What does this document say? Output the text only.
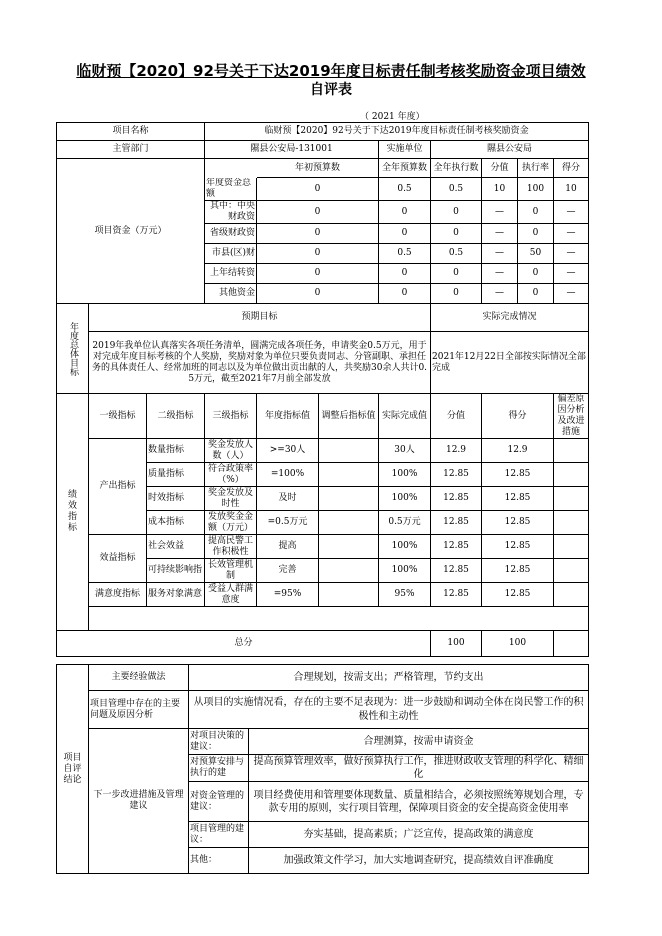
临财预【2020】92号关于下达2019年度目标责任制考核奖励资金项目绩效
自评表
（ 2021 年度）
项目名称			临财预【2020】92号关于下达2019年度目标责任制考核奖励资金							
主管部门			隰县公安局-131001			实施单位	隰县公安局			
项目资金（万元）				年初预算数		全年预算数	全年执行数	分值	执行率	得分
			年度资金总额	0		0.5	0.5	10	100	10
			其中：中央财政资	0		0	0	—	0	—
			省级财政资	0		0	0	—	0	—
			市县(区)财	0		0.5	0.5	—	50	—
			上年结转资	0		0	0	—	0	—
			其他资金	0		0	0	—	0	—
年度总体目标	预期目标						实际完成情况			
	2019年我单位认真落实各项任务清单，圆满完成各项任务，申请奖金0.5万元，用于对完成年度目标考核的个人奖励，奖励对象为单位只要负责同志、分管副职、承担任务的具体责任人、经常加班的同志以及为单位做出贡出献的人，共奖励30余人共计0.5万元，截至2021年7月前全部发放						2021年12月22日全部按实际情况全部完成			
绩效指标	一级指标	二级指标	三级指标	年度指标值	调整后指标值	实际完成值	分值	得分		偏差原因分析及改进措施
	产出指标	数量指标	奖金发放人数（人）	>=30人		30人	12.9	12.9		
		质量指标	符合政策率（%）	=100%		100%	12.85	12.85		
		时效指标	奖金发放及时性	及时		100%	12.85	12.85		
		成本指标	发放奖金金额（万元）	=0.5万元		0.5万元	12.85	12.85		
	效益指标	社会效益	提高民警工作积极性	提高		100%	12.85	12.85		
		可持续影响指	长效管理机制	完善		100%	12.85	12.85		
	满意度指标	服务对象满意	受益人群满意度	=95%		95%	12.85	12.85		

总分							100	100		
项目自评结论	主要经验做法	合理规划，按需支出；严格管理，节约支出	
	项目管理中存在的主要问题及原因分析	从项目的实施情况看，存在的主要不足表现为：进一步鼓励和调动全体在岗民警工作的积极性和主动性	
	下一步改进措施及管理建议	对项目决策的建议：	合理测算，按需申请资金
		对预算安排与执行的建	提高预算管理效率，做好预算执行工作，推进财政收支管理的科学化、精细化
		对资金管理的建议：	项目经费使用和管理要体现数量、质量相结合，必须按照统筹规划合理，专款专用的原则，实行项目管理，保障项目资金的安全提高资金使用率
		项目管理的建议：	夯实基础，提高素质；广泛宣传，提高政策的满意度
		其他：	加强政策文件学习，加大实地调查研究，提高绩效自评准确度
